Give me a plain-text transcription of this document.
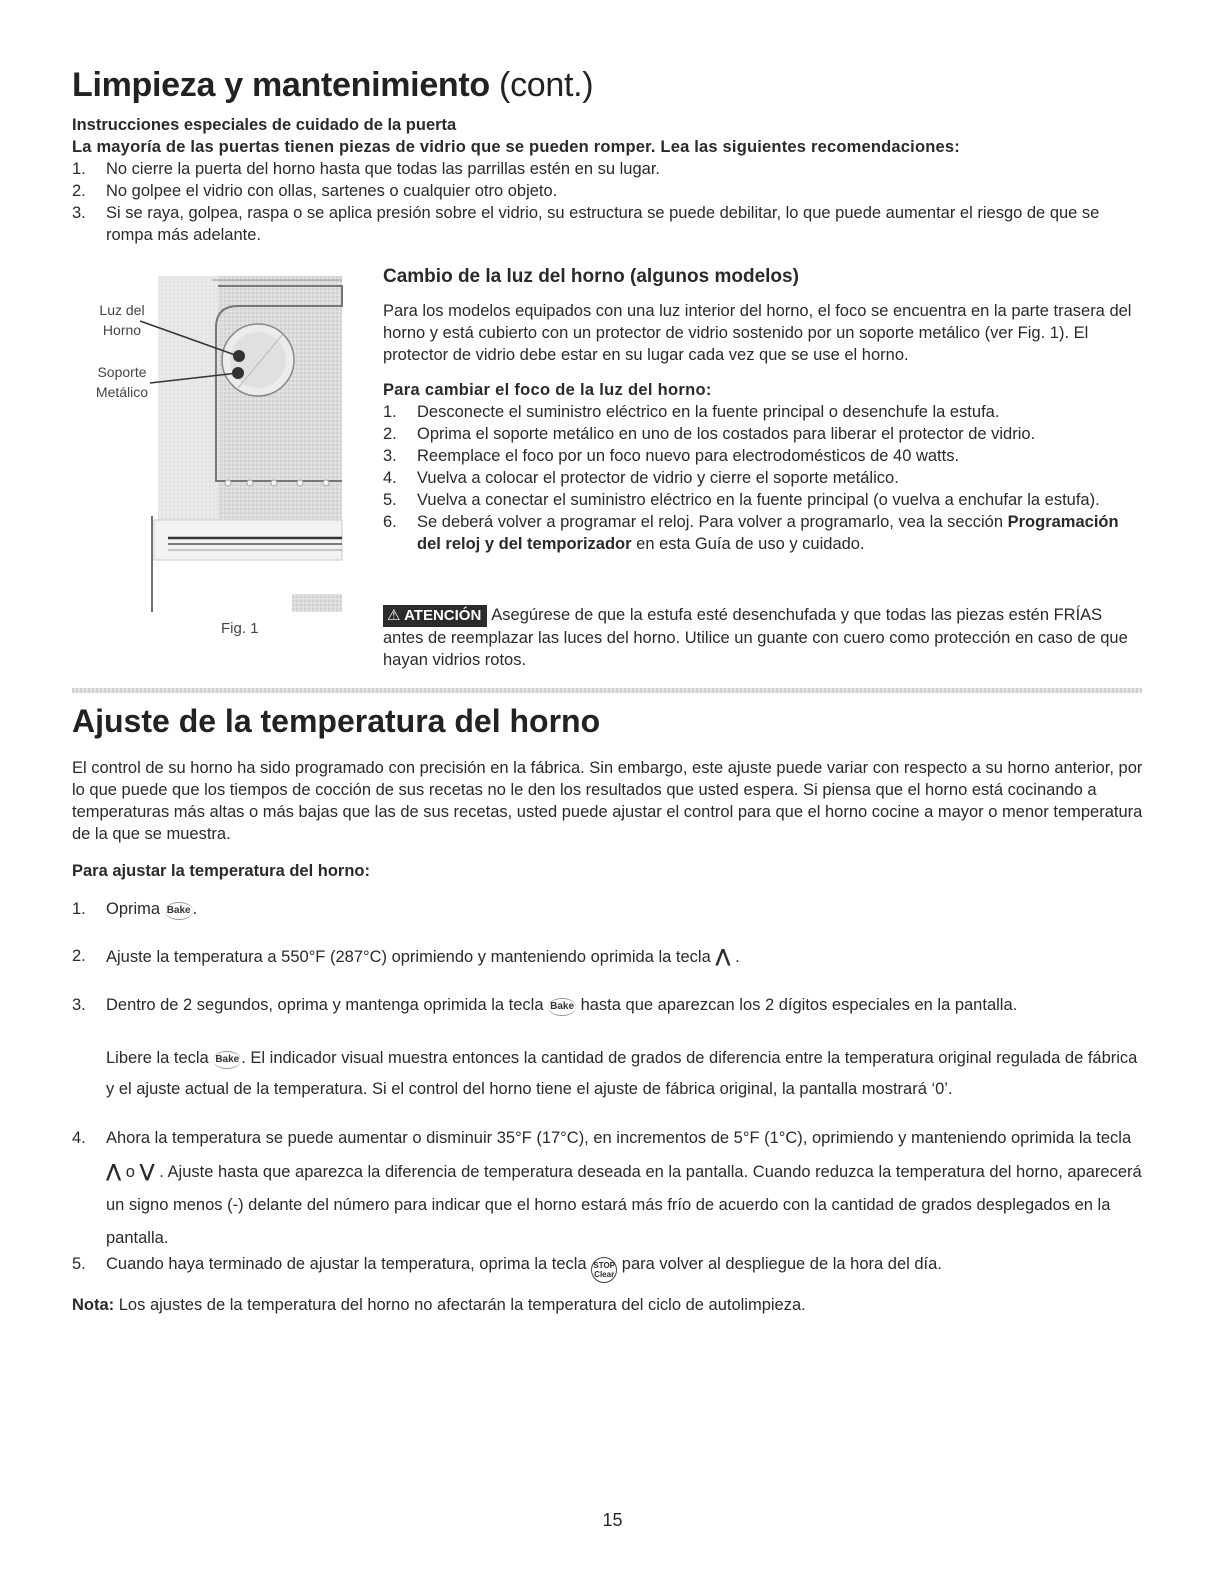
Limpieza y mantenimiento (cont.)
Instrucciones especiales de cuidado de la puerta
La mayoría de las puertas tienen piezas de vidrio que se pueden romper. Lea las siguientes recomendaciones:
1. No cierre la puerta del horno hasta que todas las parrillas estén en su lugar.
2. No golpee el vidrio con ollas, sartenes o cualquier otro objeto.
3. Si se raya, golpea, raspa o se aplica presión sobre el vidrio, su estructura se puede debilitar, lo que puede aumentar el riesgo de que se rompa más adelante.
Luz del
Horno
Soporte
Metálico
Fig. 1
Cambio de la luz del horno (algunos modelos)
Para los modelos equipados con una luz interior del horno, el foco se encuentra en la parte trasera del horno y está cubierto con un protector de vidrio sostenido por un soporte metálico (ver Fig. 1). El protector de vidrio debe estar en su lugar cada vez que se use el horno.
Para cambiar el foco de la luz del horno:
1. Desconecte el suministro eléctrico en la fuente principal o desenchufe la estufa.
2. Oprima el soporte metálico en uno de los costados para liberar el protector de vidrio.
3. Reemplace el foco por un foco nuevo para electrodomésticos de 40 watts.
4. Vuelva a colocar el protector de vidrio y cierre el soporte metálico.
5. Vuelva a conectar el suministro eléctrico en la fuente principal (o vuelva a enchufar la estufa).
6. Se deberá volver a programar el reloj. Para volver a programarlo, vea la sección Programación del reloj y del temporizador en esta Guía de uso y cuidado.
⚠ ATENCIÓN Asegúrese de que la estufa esté desenchufada y que todas las piezas estén FRÍAS antes de reemplazar las luces del horno. Utilice un guante con cuero como protección en caso de que hayan vidrios rotos.
Ajuste de la temperatura del horno
El control de su horno ha sido programado con precisión en la fábrica. Sin embargo, este ajuste puede variar con respecto a su horno anterior, por lo que puede que los tiempos de cocción de sus recetas no le den los resultados que usted espera. Si piensa que el horno está cocinando a temperaturas más altas o más bajas que las de sus recetas, usted puede ajustar el control para que el horno cocine a mayor o menor temperatura de la que se muestra.
Para ajustar la temperatura del horno:
1. Oprima Bake .
2. Ajuste la temperatura a 550°F (287°C) oprimiendo y manteniendo oprimida la tecla ⋀ .
3. Dentro de 2 segundos, oprima y mantenga oprimida la tecla Bake hasta que aparezcan los 2 dígitos especiales en la pantalla.
Libere la tecla Bake . El indicador visual muestra entonces la cantidad de grados de diferencia entre la temperatura original regulada de fábrica y el ajuste actual de la temperatura. Si el control del horno tiene el ajuste de fábrica original, la pantalla mostrará ‘0’.
4. Ahora la temperatura se puede aumentar o disminuir 35°F (17°C), en incrementos de 5°F (1°C), oprimiendo y manteniendo oprimida la tecla ⋀ o ⋁ . Ajuste hasta que aparezca la diferencia de temperatura deseada en la pantalla. Cuando reduzca la temperatura del horno, aparecerá un signo menos (-) delante del número para indicar que el horno estará más frío de acuerdo con la cantidad de grados desplegados en la pantalla.
5. Cuando haya terminado de ajustar la temperatura, oprima la tecla STOP
Clear para volver al despliegue de la hora del día.
Nota: Los ajustes de la temperatura del horno no afectarán la temperatura del ciclo de autolimpieza.
15
